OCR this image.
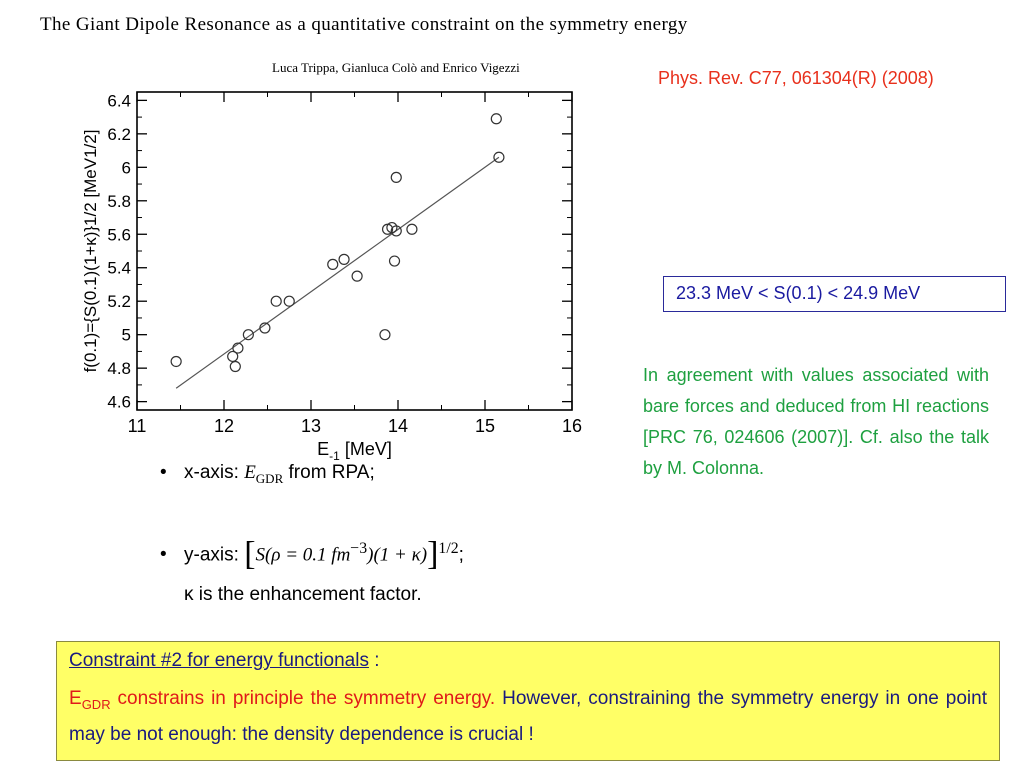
The Giant Dipole Resonance as a quantitative constraint on the symmetry energy
Luca Trippa, Gianluca Colò and Enrico Vigezzi
Phys. Rev. C77, 061304(R) (2008)
11	12	13	14	15	16
4.6
4.8
5
5.2
5.4
5.6
5.8
6
6.2
6.4
$E_{-1}$ [MeV]
f(0.1)={S(0.1)(1+κ)}1/2 [MeV1/2]	23.3 MeV < S(0.1) < 24.9 MeV
In agreement with values associated with bare forces and deduced from HI reactions [PRC 76, 024606 (2007)]. Cf. also the talk by M. Colonna.
• x-axis: $E_{GDR}$ from RPA;
• y-axis: [S(ρ = 0.1 $fm^{-3})(1 + \kappa)]^{1/2}$;
κ is the enhancement factor.
Constraint #2 for energy functionals :
$E_{GDR}$ constrains in principle the symmetry energy. However, constraining the symmetry energy in one point may be not enough: the density dependence is crucial !
